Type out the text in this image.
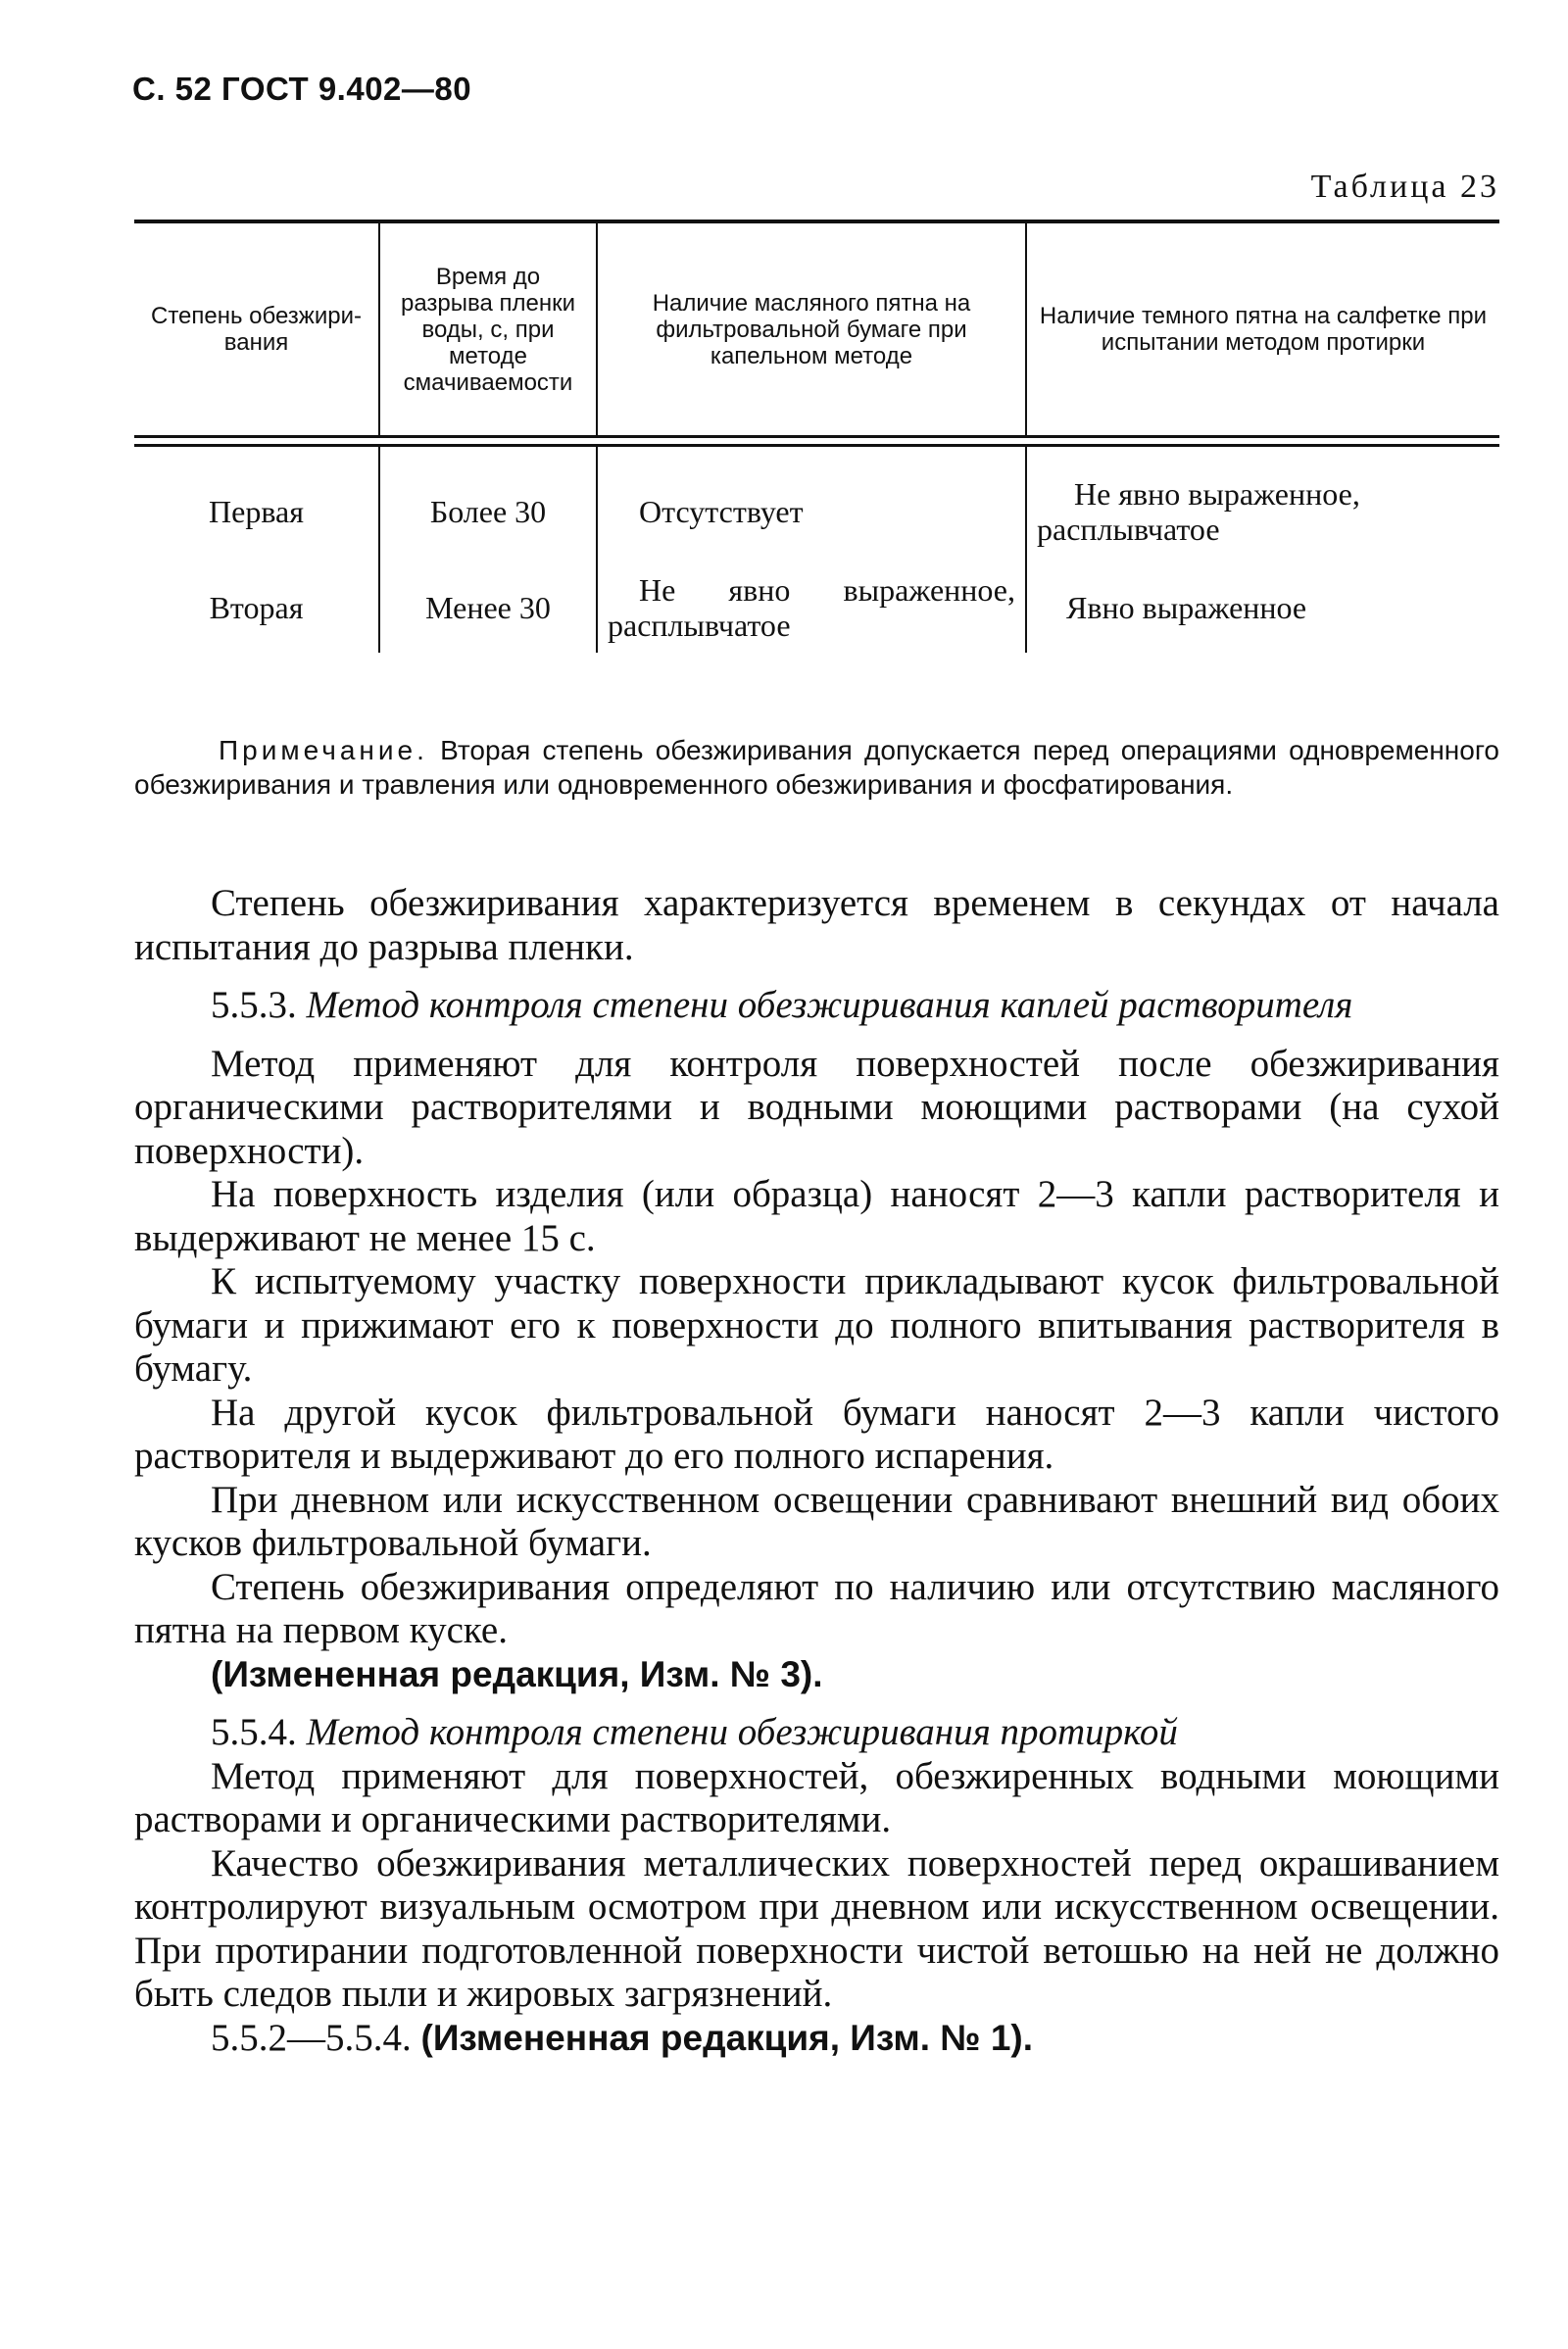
С. 52 ГОСТ 9.402—80
Таблица 23
Степень обезжири-вания	Время до разрыва пленки воды, с, при методе смачиваемости	Наличие масляного пятна на фильтровальной бумаге при капельном методе	Наличие темного пятна на салфетке при испытании методом протирки

Первая	Более 30	Отсутствует	Не явно выраженное, расплывчатое
Вторая	Менее 30	Не явно выраженное, расплывчатое	Явно выраженное
Примечание. Вторая степень обезжиривания допускается перед операциями одновременного обезжиривания и травления или одновременного обезжиривания и фосфатирования.

Степень обезжиривания характеризуется временем в секундах от начала испытания до разрыва пленки.

5.5.3. Метод контроля степени обезжиривания каплей растворителя

Метод применяют для контроля поверхностей после обезжиривания органическими растворителями и водными моющими растворами (на сухой поверхности).

На поверхность изделия (или образца) наносят 2—3 капли растворителя и выдерживают не менее 15 с.

К испытуемому участку поверхности прикладывают кусок фильтровальной бумаги и прижимают его к поверхности до полного впитывания растворителя в бумагу.

На другой кусок фильтровальной бумаги наносят 2—3 капли чистого растворителя и выдерживают до его полного испарения.

При дневном или искусственном освещении сравнивают внешний вид обоих кусков фильтровальной бумаги.

Степень обезжиривания определяют по наличию или отсутствию масляного пятна на первом куске.

(Измененная редакция, Изм. № 3).

5.5.4. Метод контроля степени обезжиривания протиркой

Метод применяют для поверхностей, обезжиренных водными моющими растворами и органическими растворителями.

Качество обезжиривания металлических поверхностей перед окрашиванием контролируют визуальным осмотром при дневном или искусственном освещении. При протирании подготовленной поверхности чистой ветошью на ней не должно быть следов пыли и жировых загрязнений.

5.5.2—5.5.4. (Измененная редакция, Изм. № 1).
